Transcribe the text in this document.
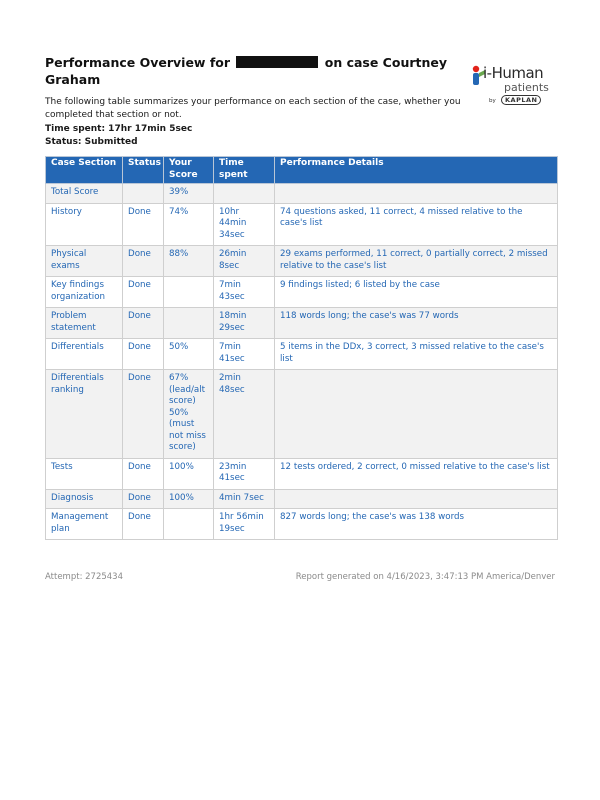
Performance Overview for	on case Courtney Graham	i-Human
patients
by	KAPLAN

The following table summarizes your performance on each section of the case, whether you completed that section or not.

Time spent: 17hr 17min 5sec
Status: Submitted
Case Section	Status	Your Score	Time spent	Performance Details
Total Score		39%		
History	Done	74%	10hr 44min 34sec	74 questions asked, 11 correct, 4 missed relative to the case's list
Physical exams	Done	88%	26min 8sec	29 exams performed, 11 correct, 0 partially correct, 2 missed relative to the case's list
Key findings organization	Done		7min 43sec	9 findings listed; 6 listed by the case
Problem statement	Done		18min 29sec	118 words long; the case's was 77 words
Differentials	Done	50%	7min 41sec	5 items in the DDx, 3 correct, 3 missed relative to the case's list
Differentials ranking	Done	67% (lead/alt score) 50% (must not miss score)	2min 48sec	
Tests	Done	100%	23min 41sec	12 tests ordered, 2 correct, 0 missed relative to the case's list
Diagnosis	Done	100%	4min 7sec	
Management plan	Done		1hr 56min 19sec	827 words long; the case's was 138 words
Attempt: 2725434	Report generated on 4/16/2023, 3:47:13 PM America/Denver
